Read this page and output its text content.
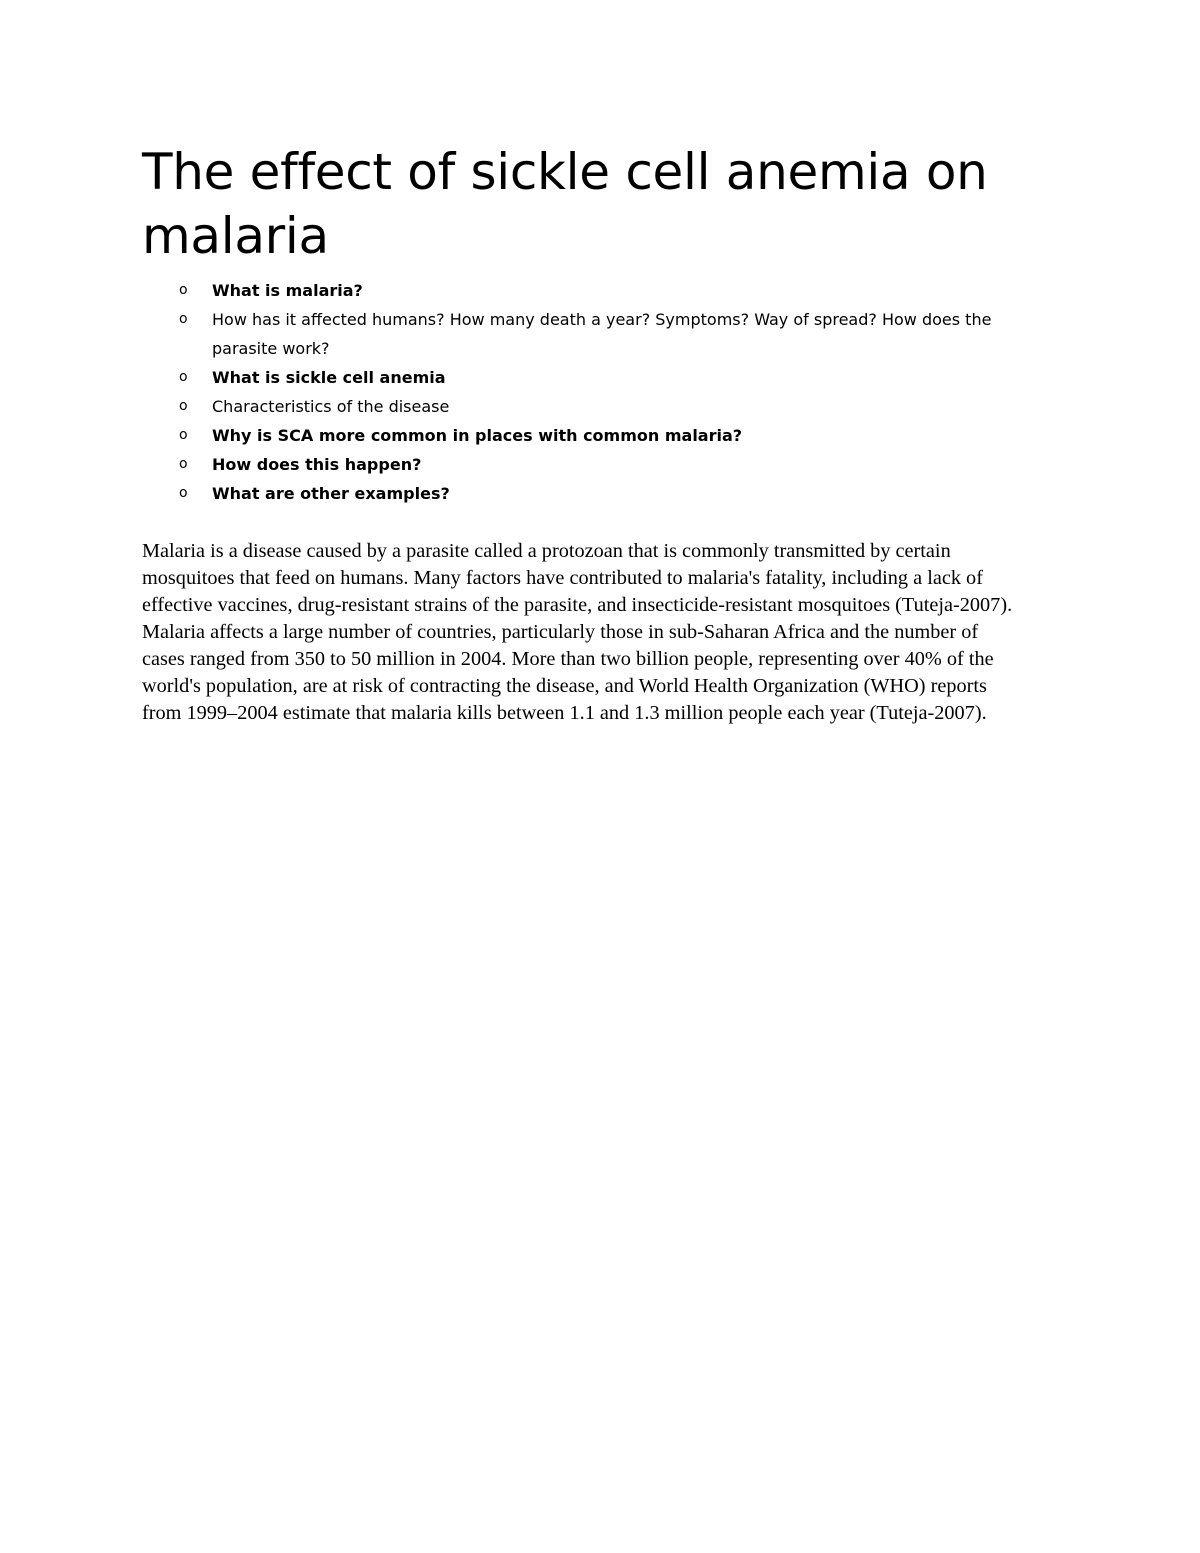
The effect of sickle cell anemia on malaria
o What is malaria?
o How has it affected humans? How many death a year? Symptoms? Way of spread? How does the parasite work?
o What is sickle cell anemia
o Characteristics of the disease
o Why is SCA more common in places with common malaria?
o How does this happen?
o What are other examples?

Malaria is a disease caused by a parasite called a protozoan that is commonly transmitted by certain mosquitoes that feed on humans. Many factors have contributed to malaria's fatality, including a lack of effective vaccines, drug-resistant strains of the parasite, and insecticide-resistant mosquitoes (Tuteja-2007). Malaria affects a large number of countries, particularly those in sub-Saharan Africa and the number of cases ranged from 350 to 50 million in 2004. More than two billion people, representing over 40% of the world's population, are at risk of contracting the disease, and World Health Organization (WHO) reports from 1999–2004 estimate that malaria kills between 1.1 and 1.3 million people each year (Tuteja-2007).
